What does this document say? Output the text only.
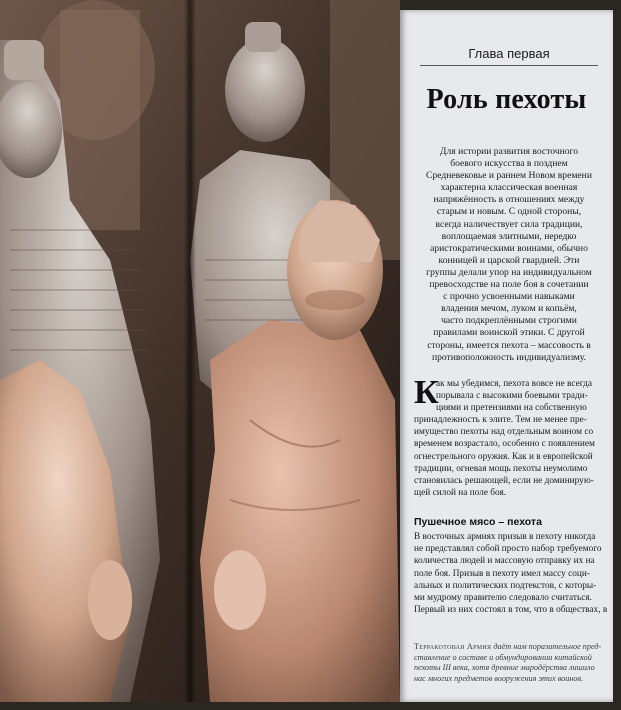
Глава первая
Роль пехоты
Для истории развития восточного
боевого искусства в позднем
Средневековье и раннем Новом времени
характерна классическая военная
напряжённость в отношениях между
старым и новым. С одной стороны,
всегда наличествует сила традиции,
воплощаемая элитными, нередко
аристократическими воинами, обычно
конницей и царской гвардией. Эти
группы делали упор на индивидуальном
превосходстве на поле боя в сочетании
с прочно усвоенными навыками
владения мечом, луком и копьём,
часто подкреплёнными строгими
правилами воинской этики. С другой
стороны, имеется пехота – массовость в
противоположность индивидуализму.
К
ак мы убедимся, пехота вовсе не всегда
порывала с высокими боевыми тради-
циями и претензиями на собственную
принадлежность к элите. Тем не менее пре-
имущество пехоты над отдельным воином со
временем возрастало, особенно с появлением
огнестрельного оружия. Как и в европейской
традиции, огневая мощь пехоты неумолимо
становилась решающей, если не доминирую-
щей силой на поле боя.
Пушечное мясо – пехота
В восточных армиях призыв в пехоту никогда
не представлял собой просто набор требуемого
количества людей и массовую отправку их на
поле боя. Призыв в пехоту имел массу соци-
альных и политических подтекстов, с которы-
ми мудрому правителю следовало считаться.
Первый из них состоял в том, что в обществах, в
Терракотовая Армия даёт нам поразительное пред-
ставление о составе и обмундировании китайской
пехоты III века, хотя древние мародёрства лишило
нас многих предметов вооружения этих воинов.
